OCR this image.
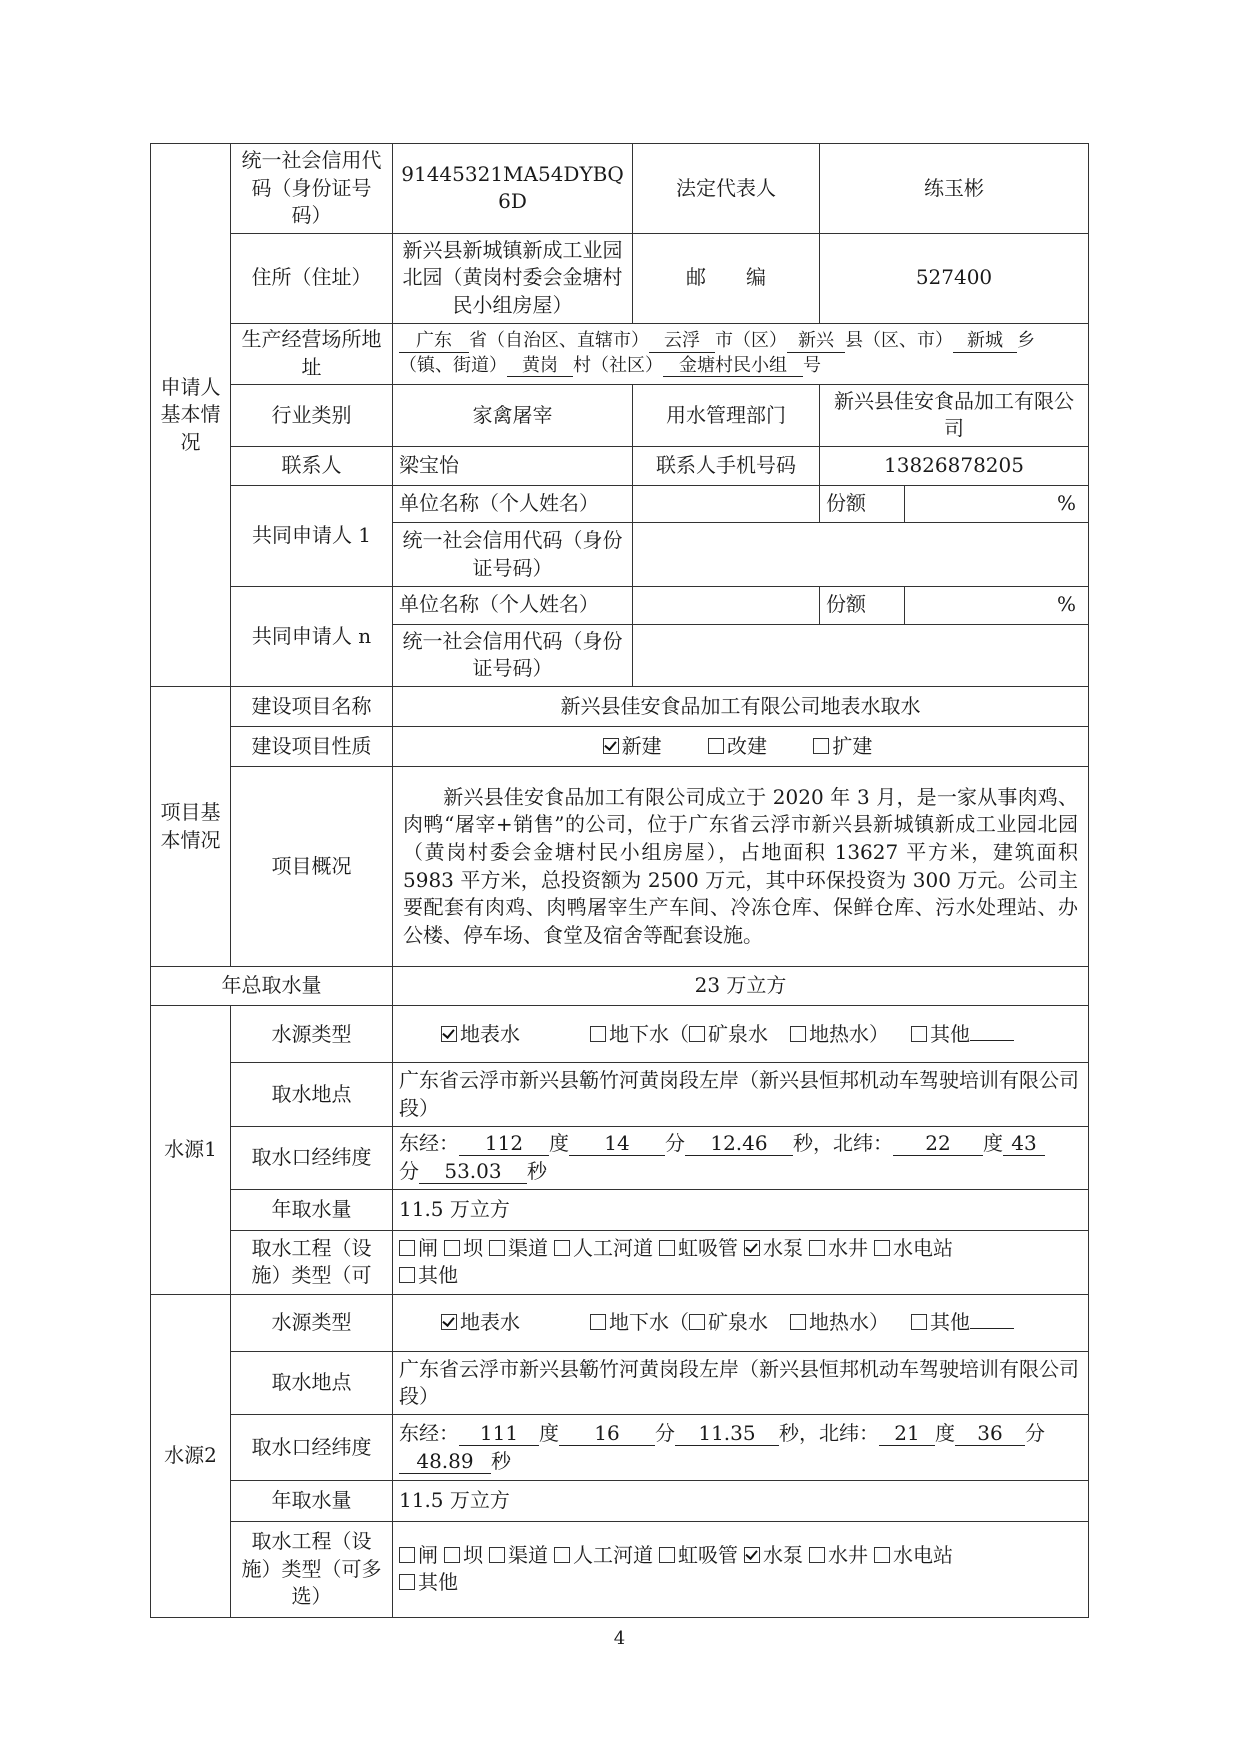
申请人基本情况	统一社会信用代码（身份证号码）	91445321MA54DYBQ6D	法定代表人	练玉彬	
	住所（住址）	新兴县新城镇新成工业园北园（黄岗村委会金塘村民小组房屋）	邮　　编	527400	
	生产经营场所地址	广东 省（自治区、直辖市） 云浮 市（区） 新兴 县（区、市） 新城 乡（镇、街道） 黄岗 村（社区） 金塘村民小组 号			
	行业类别	家禽屠宰	用水管理部门	新兴县佳安食品加工有限公司	
	联系人	梁宝怡	联系人手机号码	13826878205	
	共同申请人 1	单位名称（个人姓名）		份额	%
		统一社会信用代码（身份证号码）			
	共同申请人 n	单位名称（个人姓名）		份额	%
		统一社会信用代码（身份证号码）			
项目基本情况	建设项目名称	新兴县佳安食品加工有限公司地表水取水			
	建设项目性质	新建 改建 扩建			
	项目概况	新兴县佳安食品加工有限公司成立于 2020 年 3 月，是一家从事肉鸡、肉鸭“屠宰+销售”的公司，位于广东省云浮市新兴县新城镇新成工业园北园（黄岗村委会金塘村民小组房屋），占地面积 13627 平方米，建筑面积 5983 平方米，总投资额为 2500 万元，其中环保投资为 300 万元。公司主要配套有肉鸡、肉鸭屠宰生产车间、冷冻仓库、保鲜仓库、污水处理站、办公楼、停车场、食堂及宿舍等配套设施。			
年总取水量		23 万立方			
水源1	水源类型	地表水 地下水（ 矿泉水 地热水） 其他			
	取水地点	广东省云浮市新兴县簕竹河黄岗段左岸（新兴县恒邦机动车驾驶培训有限公司段）			
	取水口经纬度	东经： 112 度 14 分 12.46 秒，北纬： 22 度 43
分 53.03 秒			
	年取水量	11.5 万立方			
	取水工程（设施）类型（可	闸 坝 渠道 人工河道 虹吸管 水泵 水井 水电站
其他			
水源2	水源类型	地表水 地下水（ 矿泉水 地热水） 其他			
	取水地点	广东省云浮市新兴县簕竹河黄岗段左岸（新兴县恒邦机动车驾驶培训有限公司段）			
	取水口经纬度	东经： 111 度 16 分 11.35 秒，北纬： 21 度 36 分
48.89 秒			
	年取水量	11.5 万立方			
	取水工程（设施）类型（可多选）	闸 坝 渠道 人工河道 虹吸管 水泵 水井 水电站
其他			
4
